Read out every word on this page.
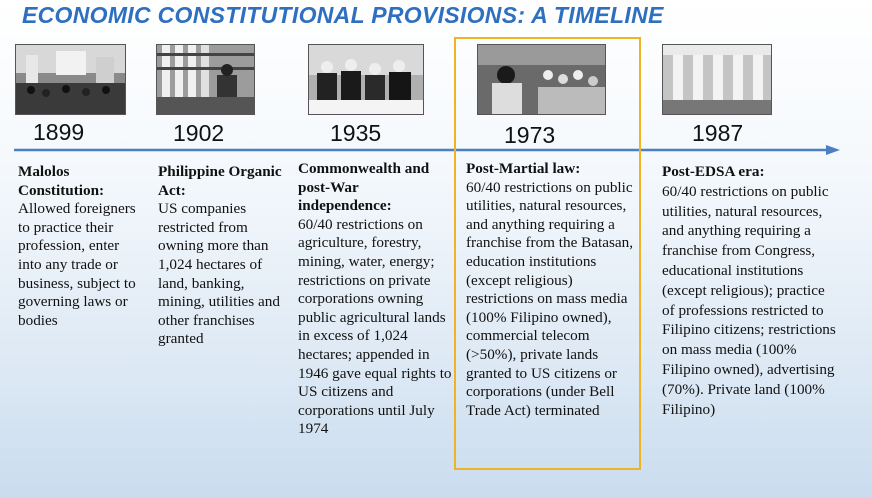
ECONOMIC CONSTITUTIONAL PROVISIONS: A TIMELINE
1899	1902	1935	1973	1987
Malolos Constitution:
Allowed foreigners to practice their profession, enter into any trade or business, subject to governing laws or bodies
Philippine Organic Act:
US companies restricted from owning more than 1,024 hectares of land, banking, mining, utilities and other franchises granted
Commonwealth and post-War independence:
60/40 restrictions on agriculture, forestry, mining, water, energy; restrictions on private corporations owning public agricultural lands in excess of 1,024 hectares; appended in 1946 gave equal rights to US citizens and corporations until July 1974
Post-Martial law:
60/40 restrictions on public utilities, natural resources, and anything requiring a franchise from the Batasan, education institutions (except religious) restrictions on mass media (100% Filipino owned), commercial telecom (>50%), private lands granted to US citizens or corporations (under Bell Trade Act) terminated
Post-EDSA era:
60/40 restrictions on public utilities, natural resources, and anything requiring a franchise from Congress, educational institutions (except religious); practice of professions restricted to Filipino citizens; restrictions on mass media (100% Filipino owned), advertising (70%). Private land (100% Filipino)
